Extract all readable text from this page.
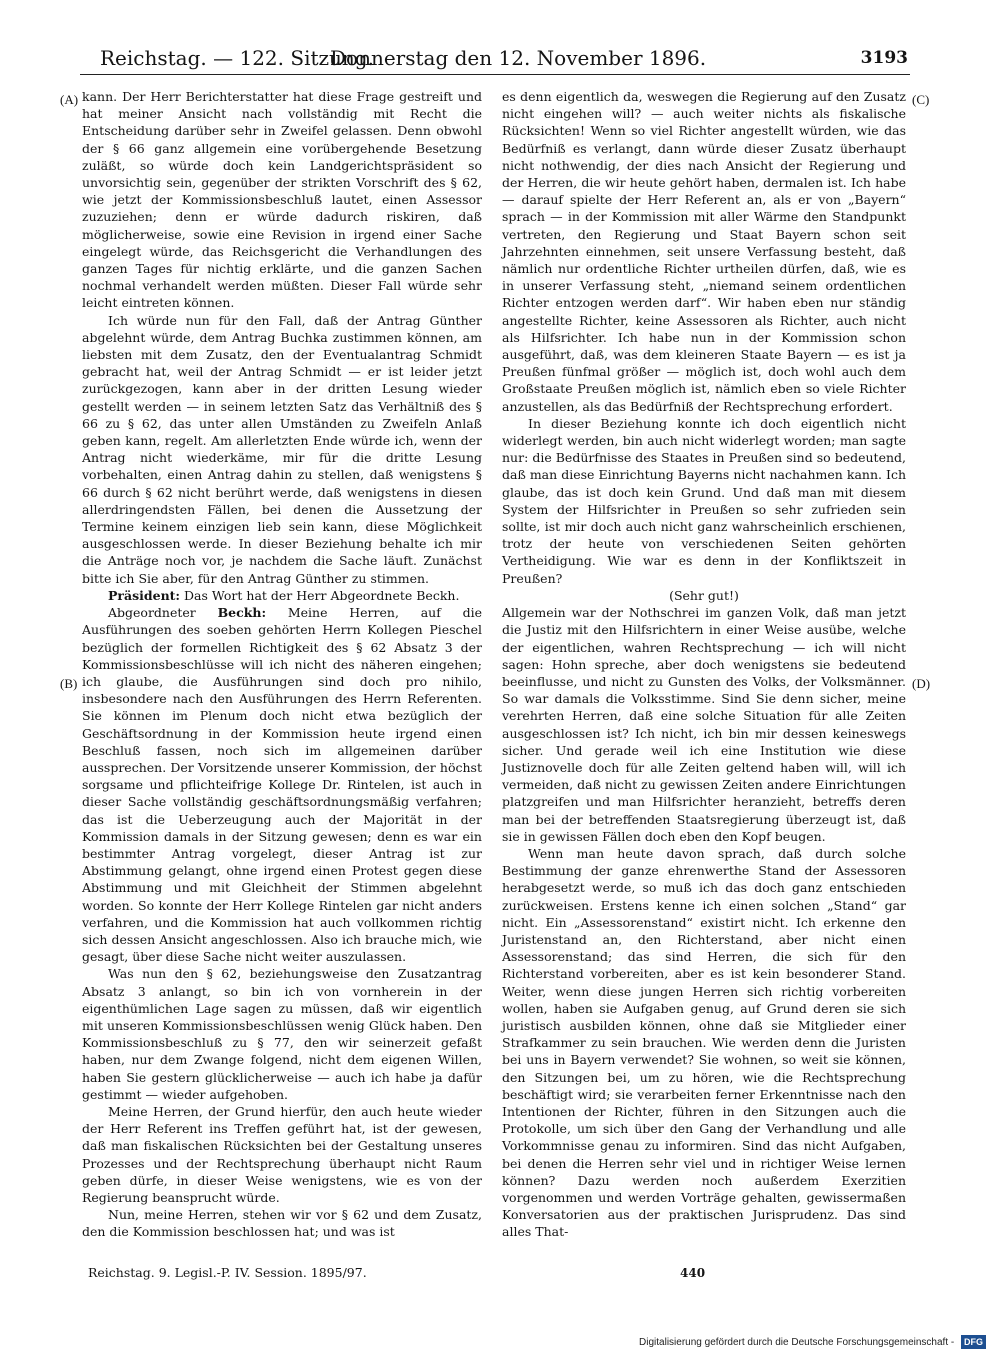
Reichstag. — 122. Sitzung.
Donnerstag den 12. November 1896.	3193
(A)
(B)
(C)
(D)

kann. Der Herr Berichterstatter hat diese Frage gestreift und hat meiner Ansicht nach vollständig mit Recht die Entscheidung darüber sehr in Zweifel gelassen. Denn obwohl der § 66 ganz allgemein eine vorübergehende Besetzung zuläßt, so würde doch kein Landgerichtspräsident so unvorsichtig sein, gegenüber der strikten Vorschrift des § 62, wie jetzt der Kommissionsbeschluß lautet, einen Assessor zuzuziehen; denn er würde dadurch riskiren, daß möglicherweise, sowie eine Revision in irgend einer Sache eingelegt würde, das Reichsgericht die Verhandlungen des ganzen Tages für nichtig erklärte, und die ganzen Sachen nochmal verhandelt werden müßten. Dieser Fall würde sehr leicht eintreten können.

Ich würde nun für den Fall, daß der Antrag Günther abgelehnt würde, dem Antrag Buchka zustimmen können, am liebsten mit dem Zusatz, den der Eventualantrag Schmidt gebracht hat, weil der Antrag Schmidt — er ist leider jetzt zurückgezogen, kann aber in der dritten Lesung wieder gestellt werden — in seinem letzten Satz das Verhältniß des § 66 zu § 62, das unter allen Umständen zu Zweifeln Anlaß geben kann, regelt. Am allerletzten Ende würde ich, wenn der Antrag nicht wiederkäme, mir für die dritte Lesung vorbehalten, einen Antrag dahin zu stellen, daß wenigstens § 66 durch § 62 nicht berührt werde, daß wenigstens in diesen allerdringendsten Fällen, bei denen die Aussetzung der Termine keinem einzigen lieb sein kann, diese Möglichkeit ausgeschlossen werde. In dieser Beziehung behalte ich mir die Anträge noch vor, je nachdem die Sache läuft. Zunächst bitte ich Sie aber, für den Antrag Günther zu stimmen.

Präsident: Das Wort hat der Herr Abgeordnete Beckh.

Abgeordneter Beckh: Meine Herren, auf die Ausführungen des soeben gehörten Herrn Kollegen Pieschel bezüglich der formellen Richtigkeit des § 62 Absatz 3 der Kommissionsbeschlüsse will ich nicht des näheren eingehen; ich glaube, die Ausführungen sind doch pro nihilo, insbesondere nach den Ausführungen des Herrn Referenten. Sie können im Plenum doch nicht etwa bezüglich der Geschäftsordnung in der Kommission heute irgend einen Beschluß fassen, noch sich im allgemeinen darüber aussprechen. Der Vorsitzende unserer Kommission, der höchst sorgsame und pflichteifrige Kollege Dr. Rintelen, ist auch in dieser Sache vollständig geschäftsordnungsmäßig verfahren; das ist die Ueberzeugung auch der Majorität in der Kommission damals in der Sitzung gewesen; denn es war ein bestimmter Antrag vorgelegt, dieser Antrag ist zur Abstimmung gelangt, ohne irgend einen Protest gegen diese Abstimmung und mit Gleichheit der Stimmen abgelehnt worden. So konnte der Herr Kollege Rintelen gar nicht anders verfahren, und die Kommission hat auch vollkommen richtig sich dessen Ansicht angeschlossen. Also ich brauche mich, wie gesagt, über diese Sache nicht weiter auszulassen.

Was nun den § 62, beziehungsweise den Zusatzantrag Absatz 3 anlangt, so bin ich von vornherein in der eigenthümlichen Lage sagen zu müssen, daß wir eigentlich mit unseren Kommissionsbeschlüssen wenig Glück haben. Den Kommissionsbeschluß zu § 77, den wir seinerzeit gefaßt haben, nur dem Zwange folgend, nicht dem eigenen Willen, haben Sie gestern glücklicherweise — auch ich habe ja dafür gestimmt — wieder aufgehoben.

Meine Herren, der Grund hierfür, den auch heute wieder der Herr Referent ins Treffen geführt hat, ist der gewesen, daß man fiskalischen Rücksichten bei der Gestaltung unseres Prozesses und der Rechtsprechung überhaupt nicht Raum geben dürfe, in dieser Weise wenigstens, wie es von der Regierung beansprucht würde.

Nun, meine Herren, stehen wir vor § 62 und dem Zusatz, den die Kommission beschlossen hat; und was ist

es denn eigentlich da, weswegen die Regierung auf den Zusatz nicht eingehen will? — auch weiter nichts als fiskalische Rücksichten! Wenn so viel Richter angestellt würden, wie das Bedürfniß es verlangt, dann würde dieser Zusatz überhaupt nicht nothwendig, der dies nach Ansicht der Regierung und der Herren, die wir heute gehört haben, dermalen ist. Ich habe — darauf spielte der Herr Referent an, als er von „Bayern“ sprach — in der Kommission mit aller Wärme den Standpunkt vertreten, den Regierung und Staat Bayern schon seit Jahrzehnten einnehmen, seit unsere Verfassung besteht, daß nämlich nur ordentliche Richter urtheilen dürfen, daß, wie es in unserer Verfassung steht, „niemand seinem ordentlichen Richter entzogen werden darf“. Wir haben eben nur ständig angestellte Richter, keine Assessoren als Richter, auch nicht als Hilfsrichter. Ich habe nun in der Kommission schon ausgeführt, daß, was dem kleineren Staate Bayern — es ist ja Preußen fünfmal größer — möglich ist, doch wohl auch dem Großstaate Preußen möglich ist, nämlich eben so viele Richter anzustellen, als das Bedürfniß der Rechtsprechung erfordert.

In dieser Beziehung konnte ich doch eigentlich nicht widerlegt werden, bin auch nicht widerlegt worden; man sagte nur: die Bedürfnisse des Staates in Preußen sind so bedeutend, daß man diese Einrichtung Bayerns nicht nachahmen kann. Ich glaube, das ist doch kein Grund. Und daß man mit diesem System der Hilfsrichter in Preußen so sehr zufrieden sein sollte, ist mir doch auch nicht ganz wahrscheinlich erschienen, trotz der heute von verschiedenen Seiten gehörten Vertheidigung. Wie war es denn in der Konfliktszeit in Preußen?

(Sehr gut!)

Allgemein war der Nothschrei im ganzen Volk, daß man jetzt die Justiz mit den Hilfsrichtern in einer Weise ausübe, welche der eigentlichen, wahren Rechtsprechung — ich will nicht sagen: Hohn spreche, aber doch wenigstens sie bedeutend beeinflusse, und nicht zu Gunsten des Volks, der Volksmänner. So war damals die Volksstimme. Sind Sie denn sicher, meine verehrten Herren, daß eine solche Situation für alle Zeiten ausgeschlossen ist? Ich nicht, ich bin mir dessen keineswegs sicher. Und gerade weil ich eine Institution wie diese Justiznovelle doch für alle Zeiten geltend haben will, will ich vermeiden, daß nicht zu gewissen Zeiten andere Einrichtungen platzgreifen und man Hilfsrichter heranzieht, betreffs deren man bei der betreffenden Staatsregierung überzeugt ist, daß sie in gewissen Fällen doch eben den Kopf beugen.

Wenn man heute davon sprach, daß durch solche Bestimmung der ganze ehrenwerthe Stand der Assessoren herabgesetzt werde, so muß ich das doch ganz entschieden zurückweisen. Erstens kenne ich einen solchen „Stand“ gar nicht. Ein „Assessorenstand“ existirt nicht. Ich erkenne den Juristenstand an, den Richterstand, aber nicht einen Assessorenstand; das sind Herren, die sich für den Richterstand vorbereiten, aber es ist kein besonderer Stand. Weiter, wenn diese jungen Herren sich richtig vorbereiten wollen, haben sie Aufgaben genug, auf Grund deren sie sich juristisch ausbilden können, ohne daß sie Mitglieder einer Strafkammer zu sein brauchen. Wie werden denn die Juristen bei uns in Bayern verwendet? Sie wohnen, so weit sie können, den Sitzungen bei, um zu hören, wie die Rechtsprechung beschäftigt wird; sie verarbeiten ferner Erkenntnisse nach den Intentionen der Richter, führen in den Sitzungen auch die Protokolle, um sich über den Gang der Verhandlung und alle Vorkommnisse genau zu informiren. Sind das nicht Aufgaben, bei denen die Herren sehr viel und in richtiger Weise lernen können? Dazu werden noch außerdem Exerzitien vorgenommen und werden Vorträge gehalten, gewissermaßen Konversatorien aus der praktischen Jurisprudenz. Das sind alles That-

Reichstag. 9. Legisl.-P. IV. Session. 1895/97.	440
Digitalisierung gefördert durch die Deutsche Forschungsgemeinschaft - DFG
